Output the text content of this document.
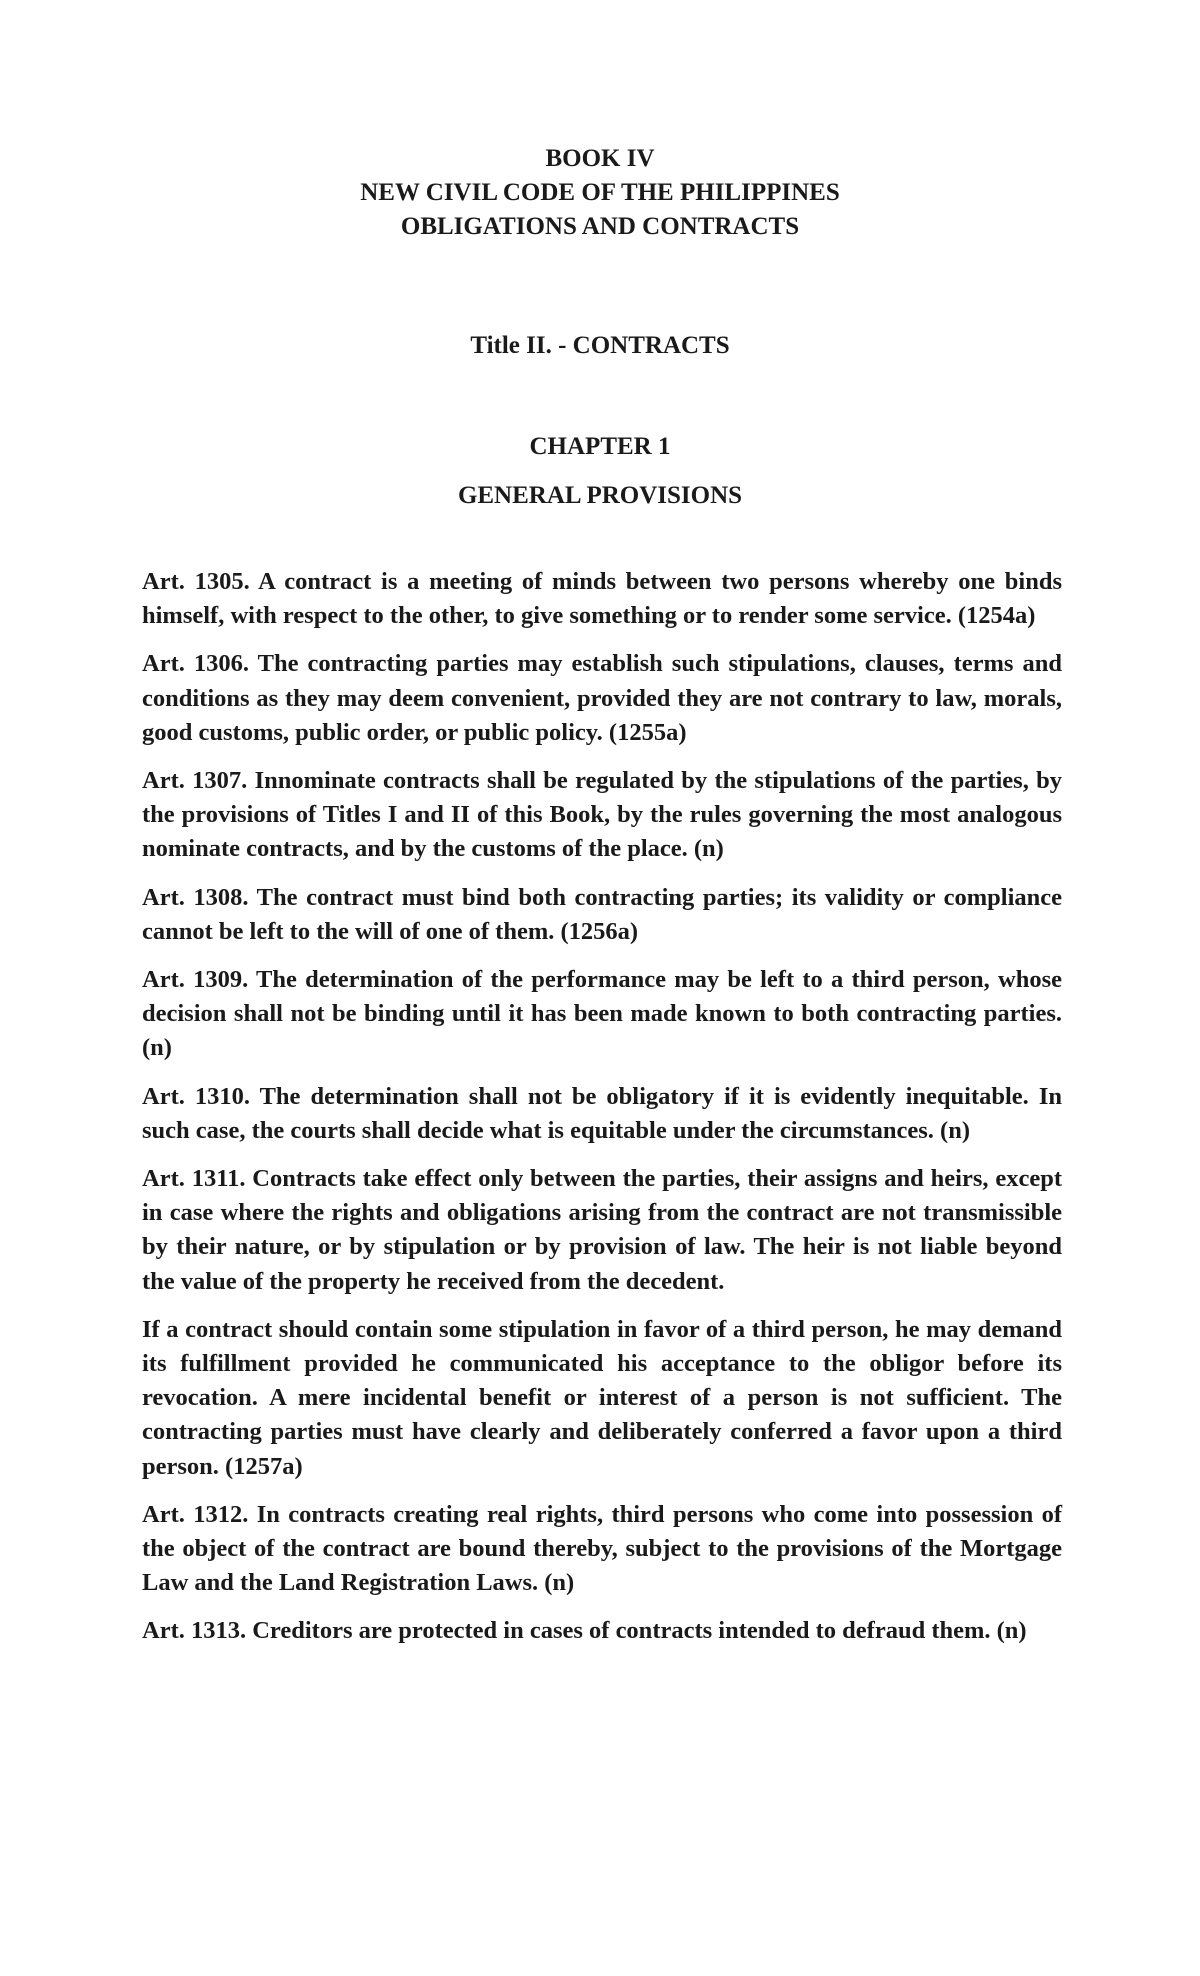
BOOK IV
NEW CIVIL CODE OF THE PHILIPPINES
OBLIGATIONS AND CONTRACTS
Title II. - CONTRACTS
CHAPTER 1
GENERAL PROVISIONS

Art. 1305. A contract is a meeting of minds between two persons whereby one binds himself, with respect to the other, to give something or to render some service. (1254a)

Art. 1306. The contracting parties may establish such stipulations, clauses, terms and conditions as they may deem convenient, provided they are not contrary to law, morals, good customs, public order, or public policy. (1255a)

Art. 1307. Innominate contracts shall be regulated by the stipulations of the parties, by the provisions of Titles I and II of this Book, by the rules governing the most analogous nominate contracts, and by the customs of the place. (n)

Art. 1308. The contract must bind both contracting parties; its validity or compliance cannot be left to the will of one of them. (1256a)

Art. 1309. The determination of the performance may be left to a third person, whose decision shall not be binding until it has been made known to both contracting parties. (n)

Art. 1310. The determination shall not be obligatory if it is evidently inequitable. In such case, the courts shall decide what is equitable under the circumstances. (n)

Art. 1311. Contracts take effect only between the parties, their assigns and heirs, except in case where the rights and obligations arising from the contract are not transmissible by their nature, or by stipulation or by provision of law. The heir is not liable beyond the value of the property he received from the decedent.

If a contract should contain some stipulation in favor of a third person, he may demand its fulfillment provided he communicated his acceptance to the obligor before its revocation. A mere incidental benefit or interest of a person is not sufficient. The contracting parties must have clearly and deliberately conferred a favor upon a third person. (1257a)

Art. 1312. In contracts creating real rights, third persons who come into possession of the object of the contract are bound thereby, subject to the provisions of the Mortgage Law and the Land Registration Laws. (n)

Art. 1313. Creditors are protected in cases of contracts intended to defraud them. (n)
